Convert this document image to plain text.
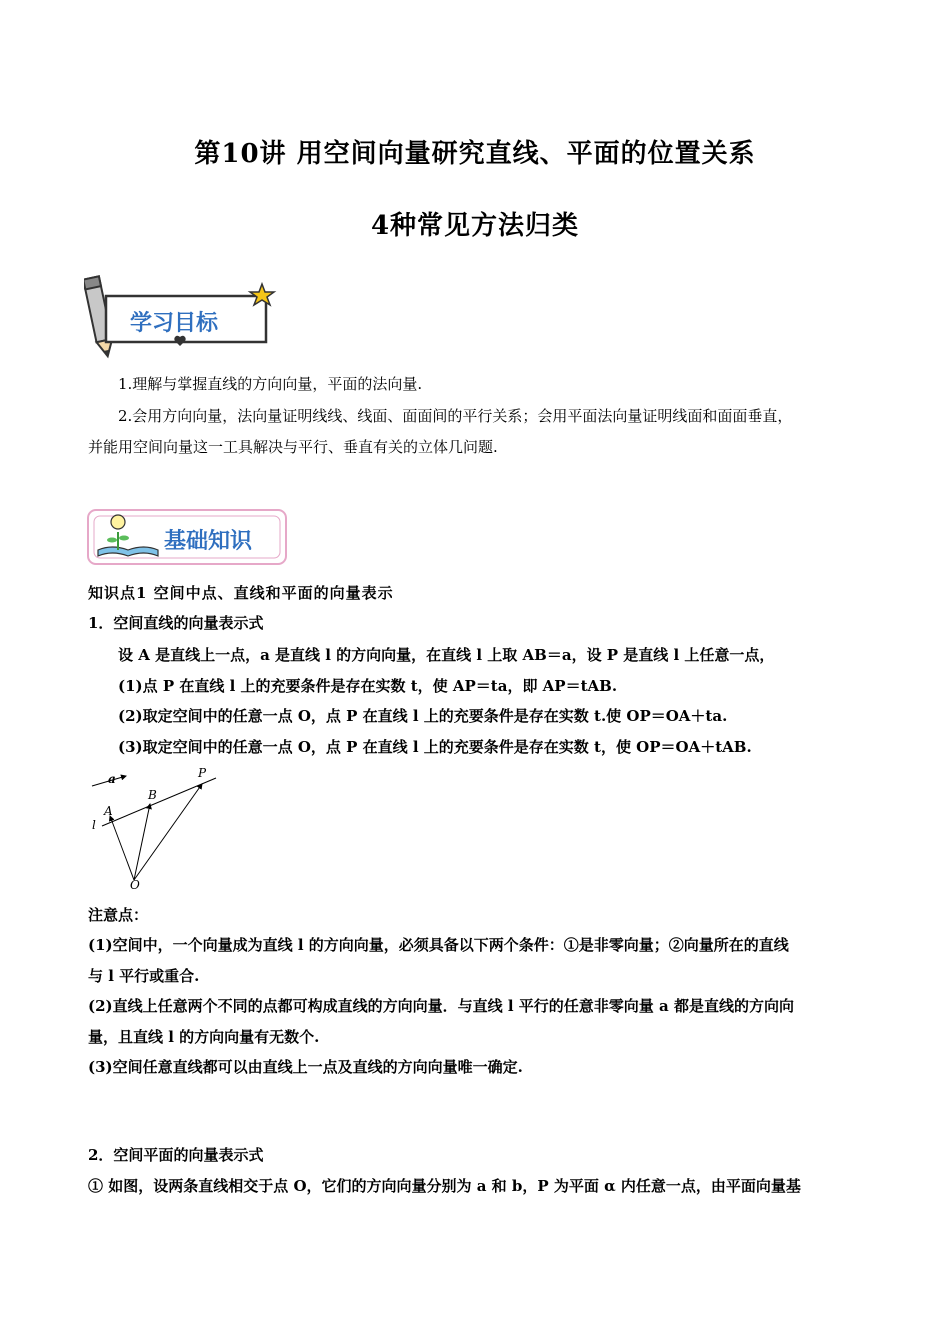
第10讲 用空间向量研究直线、平面的位置关系
4种常见方法归类
学习目标
1.理解与掌握直线的方向向量，平面的法向量.
2.会用方向向量，法向量证明线线、线面、面面间的平行关系；会用平面法向量证明线面和面面垂直，
并能用空间向量这一工具解决与平行、垂直有关的立体几问题.
基础知识
知识点1 空间中点、直线和平面的向量表示
1．空间直线的向量表示式
设 A 是直线上一点，a 是直线 l 的方向向量，在直线 l 上取 AB＝a，设 P 是直线 l 上任意一点，
(1)点 P 在直线 l 上的充要条件是存在实数 t，使 AP＝ta，即 AP＝tAB.
(2)取定空间中的任意一点 O，点 P 在直线 l 上的充要条件是存在实数 t.使 OP＝OA＋ta.
(3)取定空间中的任意一点 O，点 P 在直线 l 上的充要条件是存在实数 t，使 OP＝OA＋tAB.
a
A
B
P
l
O
注意点：
(1)空间中，一个向量成为直线 l 的方向向量，必须具备以下两个条件：①是非零向量；②向量所在的直线
与 l 平行或重合.
(2)直线上任意两个不同的点都可构成直线的方向向量．与直线 l 平行的任意非零向量 a 都是直线的方向向
量，且直线 l 的方向向量有无数个.
(3)空间任意直线都可以由直线上一点及直线的方向向量唯一确定.
2．空间平面的向量表示式
① 如图，设两条直线相交于点 O，它们的方向向量分别为 a 和 b，P 为平面 α 内任意一点，由平面向量基
